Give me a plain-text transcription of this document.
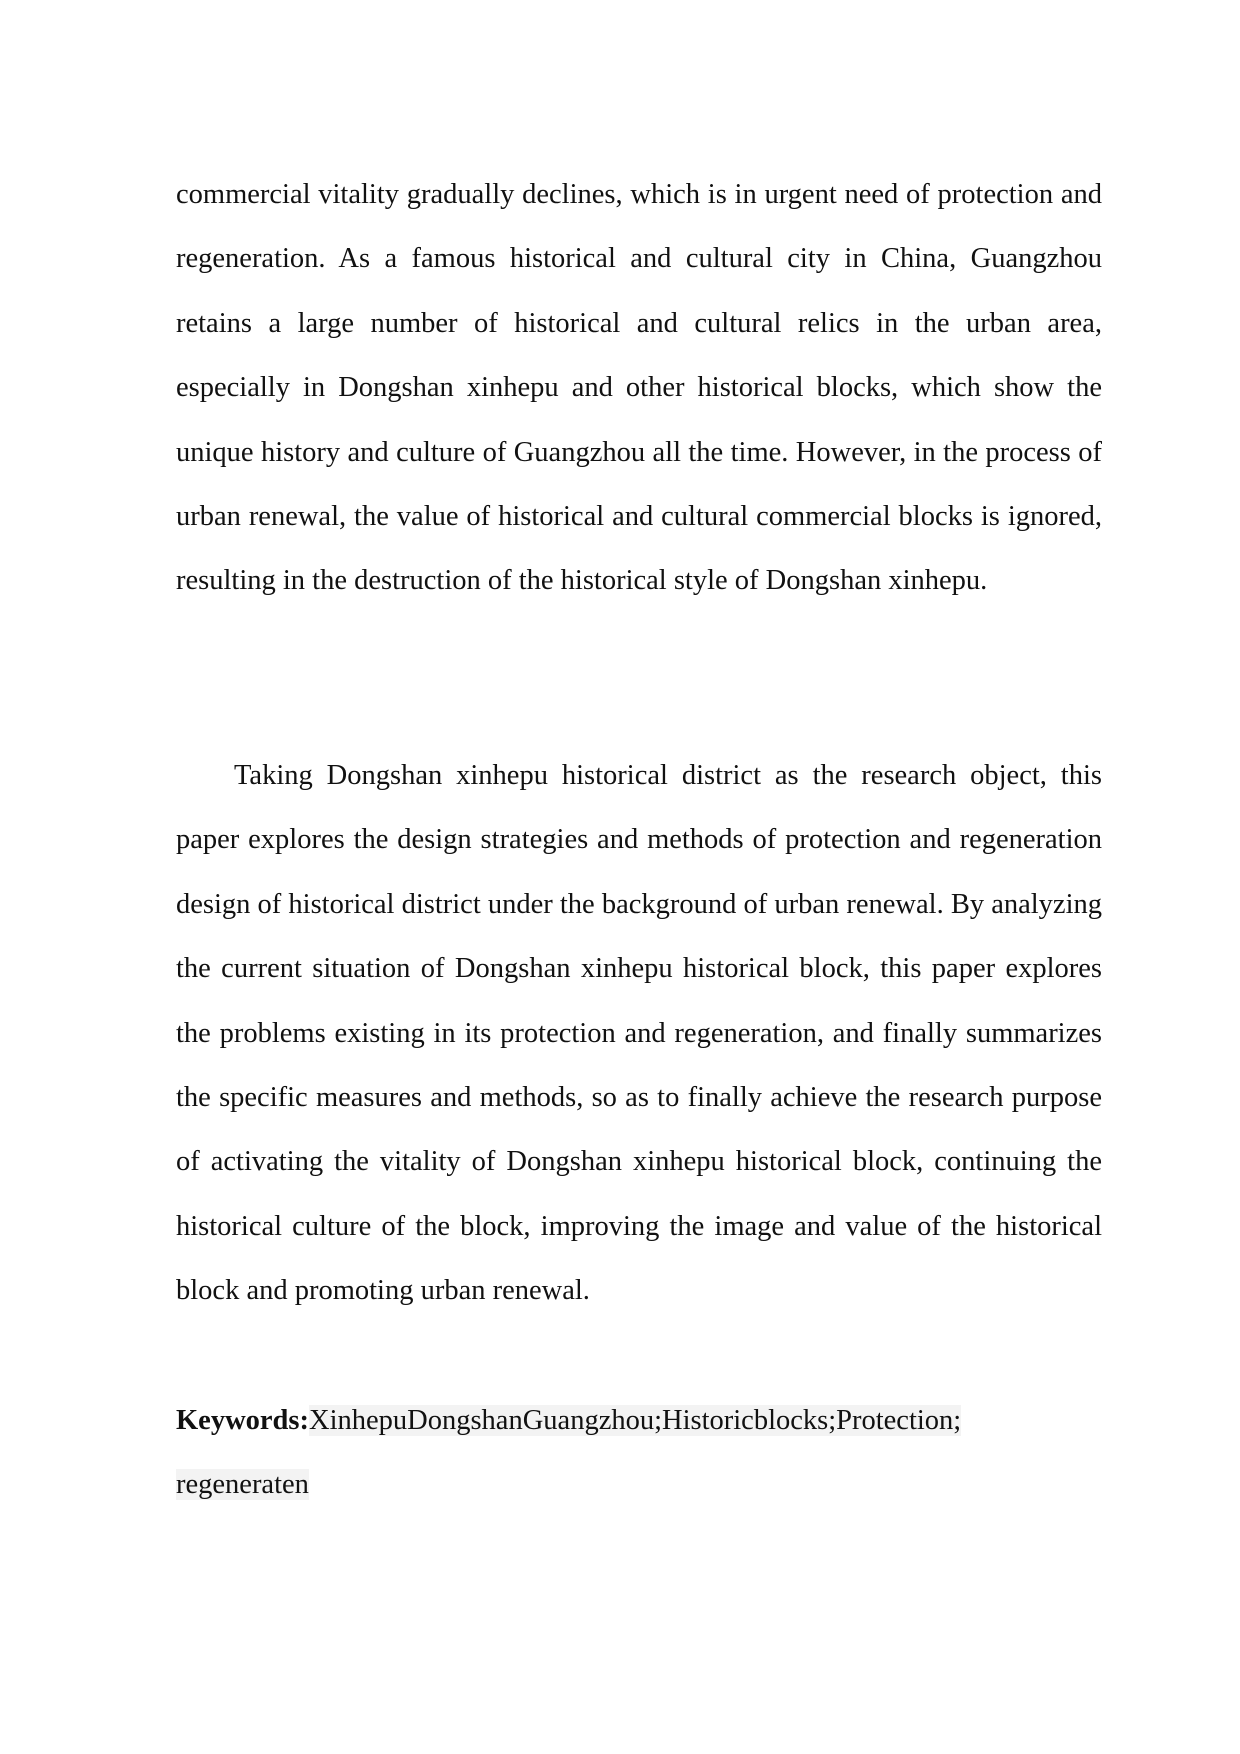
commercial vitality gradually declines, which is in urgent need of protection and regeneration. As a famous historical and cultural city in China, Guangzhou retains a large number of historical and cultural relics in the urban area, especially in Dongshan xinhepu and other historical blocks, which show the unique history and culture of Guangzhou all the time. However, in the process of urban renewal, the value of historical and cultural commercial blocks is ignored, resulting in the destruction of the historical style of Dongshan xinhepu.

Taking Dongshan xinhepu historical district as the research object, this paper explores the design strategies and methods of protection and regeneration design of historical district under the background of urban renewal. By analyzing the current situation of Dongshan xinhepu historical block, this paper explores the problems existing in its protection and regeneration, and finally summarizes the specific measures and methods, so as to finally achieve the research purpose of activating the vitality of Dongshan xinhepu historical block, continuing the historical culture of the block, improving the image and value of the historical block and promoting urban renewal.

Keywords:XinhepuDongshanGuangzhou;Historicblocks;Protection;
regeneraten
